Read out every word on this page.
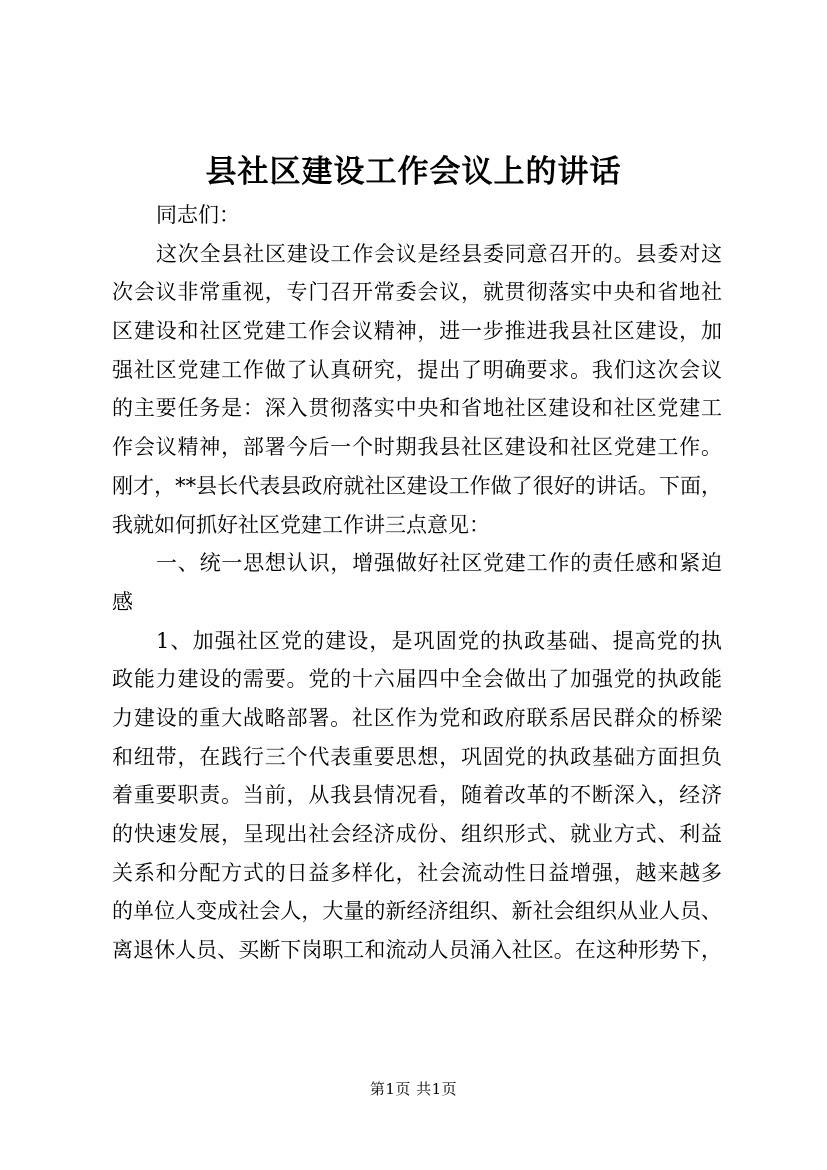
县社区建设工作会议上的讲话
同志们：
这次全县社区建设工作会议是经县委同意召开的。县委对这
次会议非常重视，专门召开常委会议，就贯彻落实中央和省地社
区建设和社区党建工作会议精神，进一步推进我县社区建设，加
强社区党建工作做了认真研究，提出了明确要求。我们这次会议
的主要任务是：深入贯彻落实中央和省地社区建设和社区党建工
作会议精神，部署今后一个时期我县社区建设和社区党建工作。
刚才，**县长代表县政府就社区建设工作做了很好的讲话。下面，
我就如何抓好社区党建工作讲三点意见：
一、统一思想认识，增强做好社区党建工作的责任感和紧迫
感
1、加强社区党的建设，是巩固党的执政基础、提高党的执
政能力建设的需要。党的十六届四中全会做出了加强党的执政能
力建设的重大战略部署。社区作为党和政府联系居民群众的桥梁
和纽带，在践行三个代表重要思想，巩固党的执政基础方面担负
着重要职责。当前，从我县情况看，随着改革的不断深入，经济
的快速发展，呈现出社会经济成份、组织形式、就业方式、利益
关系和分配方式的日益多样化，社会流动性日益增强，越来越多
的单位人变成社会人，大量的新经济组织、新社会组织从业人员、
离退休人员、买断下岗职工和流动人员涌入社区。在这种形势下，
第1页 共1页
